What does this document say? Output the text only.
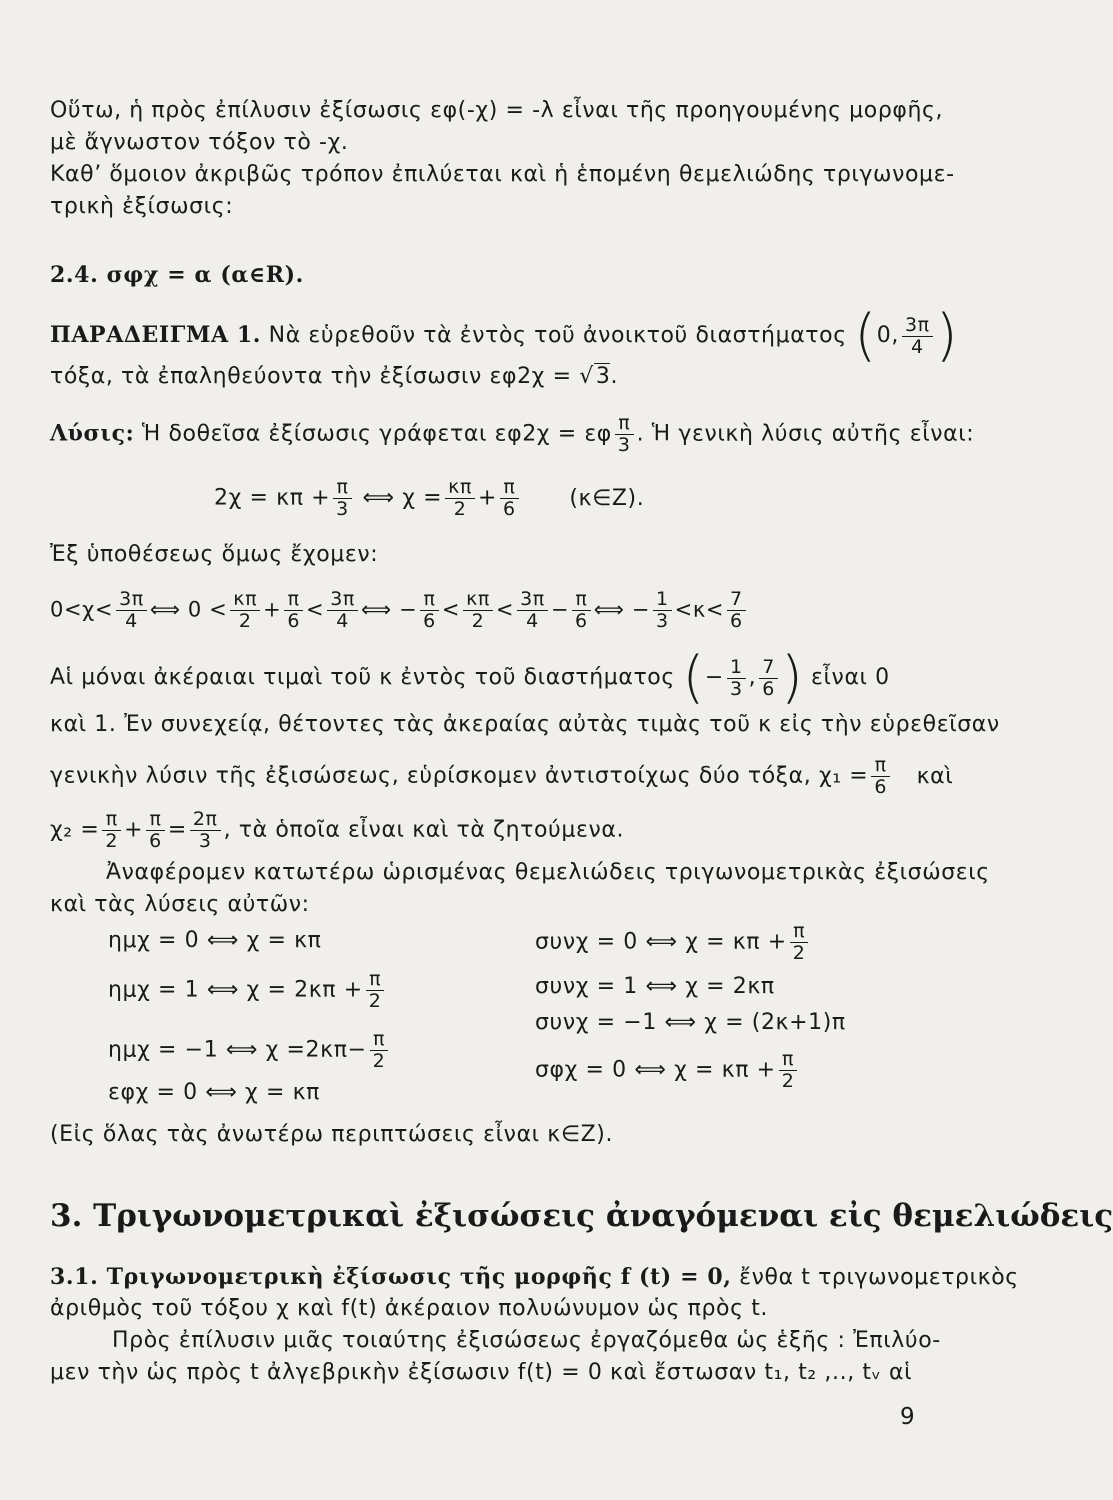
Οὕτω, ἡ πρὸς ἐπίλυσιν ἐξίσωσις εφ(-χ) = -λ εἶναι τῆς προηγουμένης μορφῆς,
μὲ ἄγνωστον τόξον τὸ -χ.
Καθ’ ὅμοιον ἀκριβῶς τρόπον ἐπιλύεται καὶ ἡ ἑπομένη θεμελιώδης τριγωνομε-
τρικὴ ἐξίσωσις:
2.4. σφχ = α (α∈R).
ΠΑΡΑΔΕΙΓΜΑ 1. Νὰ εὑρεθοῦν τὰ ἐντὸς τοῦ ἀνοικτοῦ διαστήματος (0, $\frac{3\pi}{4}$ )
τόξα, τὰ ἐπαληθεύοντα τὴν ἐξίσωσιν εφ2χ = √3.
Λύσις: Ἡ δοθεῖσα ἐξίσωσις γράφεται εφ2χ = εφ $\frac{\pi}{3}$ . Ἡ γενικὴ λύσις αὐτῆς εἶναι:
$2\chi = \kappa\pi + \frac{\pi}{3}$ ⟺ $\chi = \frac{\kappa\pi}{2} + \frac{\pi}{6}$ (κ∈Z).
Ἐξ ὑποθέσεως ὅμως ἔχομεν:
$0<\chi< \frac{3\pi}{4}$ ⟺ $0 < \frac{\kappa\pi}{2} + \frac{\pi}{6} < \frac{3\pi}{4}$ ⟺ − $\frac{\pi}{6} < \frac{\kappa\pi}{2} < \frac{3\pi}{4} - \frac{\pi}{6}$ ⟺ − $\frac{1}{3} <\kappa< \frac{7}{6}$
Αἱ μόναι ἀκέραιαι τιμαὶ τοῦ κ ἐντὸς τοῦ διαστήματος (− $\frac{1}{3}$ , $\frac{7}{6}$ ) εἶναι 0
καὶ 1. Ἐν συνεχείᾳ, θέτοντες τὰς ἀκεραίας αὐτὰς τιμὰς τοῦ κ εἰς τὴν εὑρεθεῖσαν
γενικὴν λύσιν τῆς ἐξισώσεως, εὑρίσκομεν ἀντιστοίχως δύο τόξα, $\chi_1 = \frac{\pi}{6}$ καὶ
$\chi_2 = \frac{\pi}{2} + \frac{\pi}{6} = \frac{2\pi}{3}$ , τὰ ὁποῖα εἶναι καὶ τὰ ζητούμενα.
Ἀναφέρομεν κατωτέρω ὡρισμένας θεμελιώδεις τριγωνομετρικὰς ἐξισώσεις
καὶ τὰς λύσεις αὐτῶν:
ημχ = 0 ⟺ χ = κπ
ημχ = 1 ⟺ $\chi = 2\kappa\pi + \frac{\pi}{2}$
ημχ = −1 ⟺ $\chi =2\kappa\pi- \frac{\pi}{2}$
εφχ = 0 ⟺ χ = κπ
συνχ = 0 ⟺ $\chi = \kappa\pi + \frac{\pi}{2}$
συνχ = 1 ⟺ χ = 2κπ
συνχ = −1 ⟺ χ = (2κ+1)π
σφχ = 0 ⟺ $\chi = \kappa\pi + \frac{\pi}{2}$
(Εἰς ὅλας τὰς ἀνωτέρω περιπτώσεις εἶναι κ∈Z).
3. Τριγωνομετρικαὶ ἐξισώσεις ἀναγόμεναι εἰς θεμελιώδεις
3.1. Τριγωνομετρικὴ ἐξίσωσις τῆς μορφῆς f (t) = 0, ἔνθα t τριγωνομετρικὸς
ἀριθμὸς τοῦ τόξου χ καὶ f(t) ἀκέραιον πολυώνυμον ὡς πρὸς t.
Πρὸς ἐπίλυσιν μιᾶς τοιαύτης ἐξισώσεως ἐργαζόμεθα ὡς ἑξῆς : Ἐπιλύο-
μεν τὴν ὡς πρὸς t ἀλγεβρικὴν ἐξίσωσιν f(t) = 0 καὶ ἔστωσαν t₁, t₂ ,.., tᵥ αἱ
9
